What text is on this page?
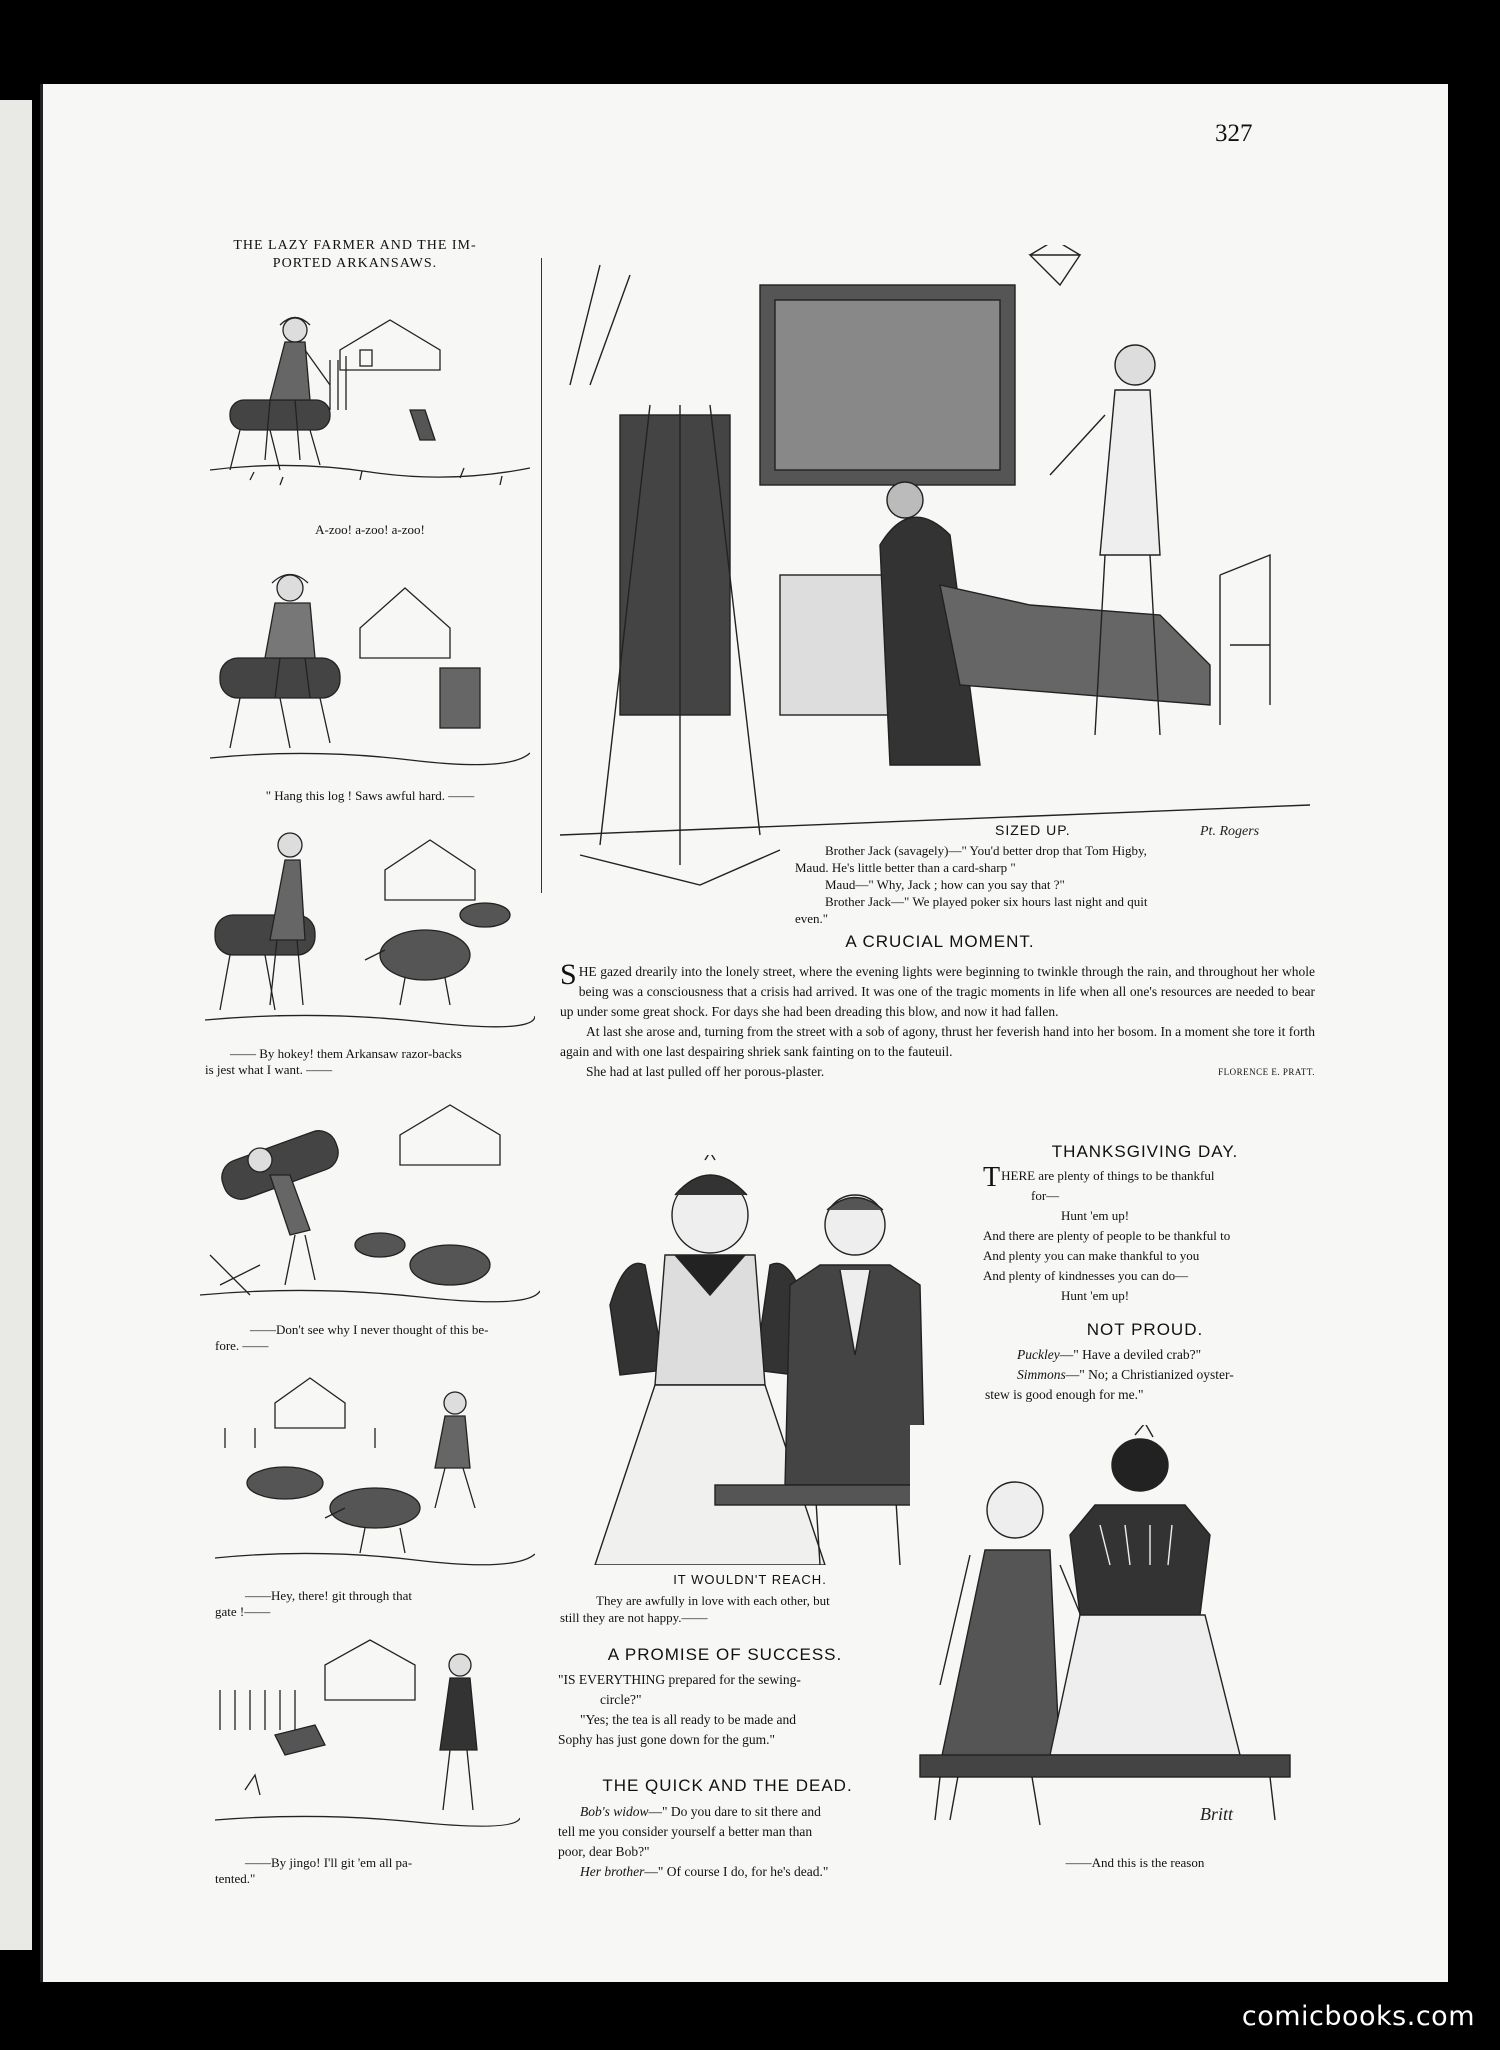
327
THE LAZY FARMER AND THE IM-
PORTED ARKANSAWS.
A-zoo! a-zoo! a-zoo!
" Hang this log ! Saws awful hard. ——
—— By hokey! them Arkansaw razor-backs
is jest what I want. ——
——Don't see why I never thought of this be-
fore. ——
——Hey, there! git through that
gate !——
——By jingo! I'll git 'em all pa-
tented."
Pt. Rogers
SIZED UP.
Brother Jack (savagely)—" You'd better drop that Tom Higby,
Maud. He's little better than a card-sharp "
Maud—" Why, Jack ; how can you say that ?"
Brother Jack—" We played poker six hours last night and quit
even."
A CRUCIAL MOMENT.

SHE gazed drearily into the lonely street, where the evening lights were beginning to twinkle through the rain, and throughout her whole being was a consciousness that a crisis had arrived. It was one of the tragic moments in life when all one's resources are needed to bear up under some great shock. For days she had been dreading this blow, and now it had fallen.

At last she arose and, turning from the street with a sob of agony, thrust her feverish hand into her bosom. In a moment she tore it forth again and with one last despairing shriek sank fainting on to the fauteuil.

She had at last pulled off her porous-plaster.	FLORENCE E. PRATT.
THANKSGIVING DAY.
THERE are plenty of things to be thankful
for—
Hunt 'em up!
And there are plenty of people to be thankful to
And plenty you can make thankful to you
And plenty of kindnesses you can do—
Hunt 'em up!
NOT PROUD.
Puckley—" Have a deviled crab?"
Simmons—" No; a Christianized oyster-
stew is good enough for me."
IT WOULDN'T REACH.
They are awfully in love with each other, but
still they are not happy.——
A PROMISE OF SUCCESS.
"IS EVERYTHING prepared for the sewing-
circle?"
"Yes; the tea is all ready to be made and
Sophy has just gone down for the gum."
THE QUICK AND THE DEAD.
Bob's widow—" Do you dare to sit there and
tell me you consider yourself a better man than
poor, dear Bob?"
Her brother—" Of course I do, for he's dead."
Britt
——And this is the reason
comicbooks.com
